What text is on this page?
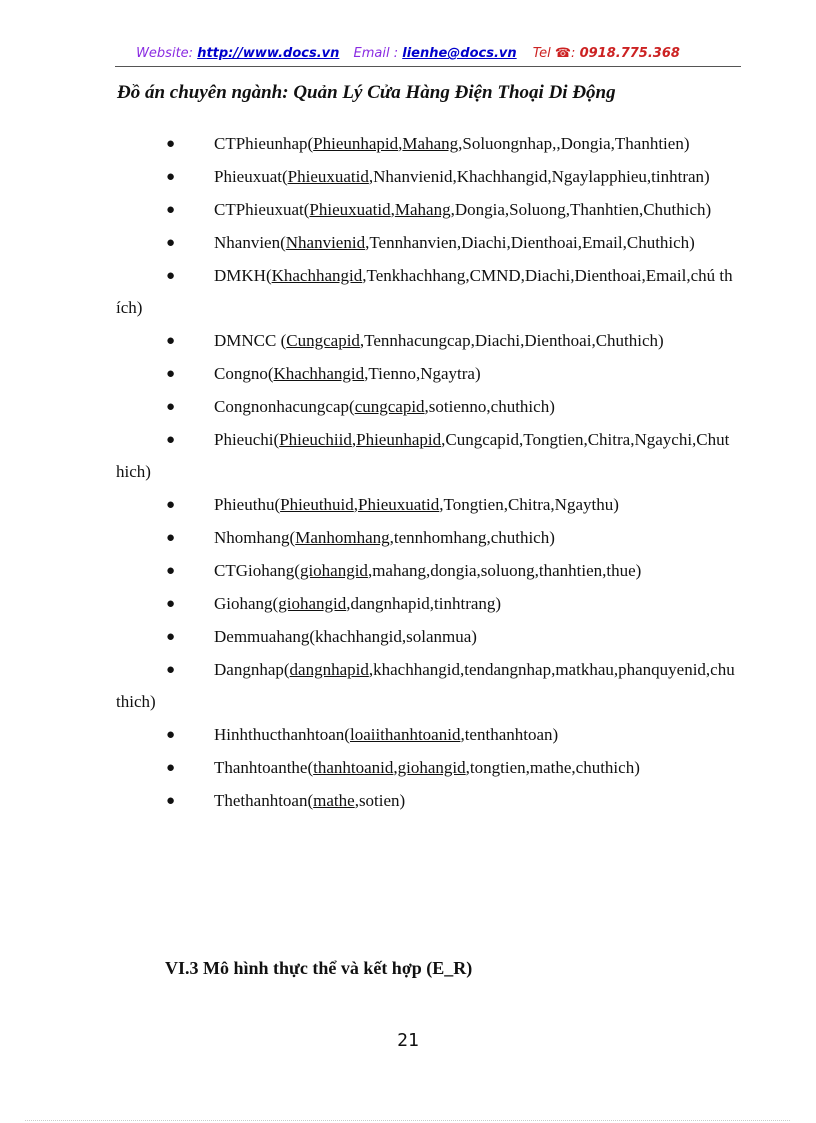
Website: http://www.docs.vn Email : lienhe@docs.vn Tel ☎: 0918.775.368
Đồ án chuyên ngành: Quản Lý Cửa Hàng Điện Thoại Di Động
● CTPhieunhap(Phieunhapid,Mahang,Soluongnhap,,Dongia,Thanhtien)
● Phieuxuat(Phieuxuatid,Nhanvienid,Khachhangid,Ngaylapphieu,tinhtran)
● CTPhieuxuat(Phieuxuatid,Mahang,Dongia,Soluong,Thanhtien,Chuthich)
● Nhanvien(Nhanvienid,Tennhanvien,Diachi,Dienthoai,Email,Chuthich)
● DMKH(Khachhangid,Tenkhachhang,CMND,Diachi,Dienthoai,Email,chú thích)
● DMNCC (Cungcapid,Tennhacungcap,Diachi,Dienthoai,Chuthich)
● Congno(Khachhangid,Tienno,Ngaytra)
● Congnonhacungcap(cungcapid,sotienno,chuthich)
● Phieuchi(Phieuchiid,Phieunhapid,Cungcapid,Tongtien,Chitra,Ngaychi,Chuthich)
● Phieuthu(Phieuthuid,Phieuxuatid,Tongtien,Chitra,Ngaythu)
● Nhomhang(Manhomhang,tennhomhang,chuthich)
● CTGiohang(giohangid,mahang,dongia,soluong,thanhtien,thue)
● Giohang(giohangid,dangnhapid,tinhtrang)
● Demmuahang(khachhangid,solanmua)
● Dangnhap(dangnhapid,khachhangid,tendangnhap,matkhau,phanquyenid,chuthich)
● Hinhthucthanhtoan(loaiithanhtoanid,tenthanhtoan)
● Thanhtoanthe(thanhtoanid,giohangid,tongtien,mathe,chuthich)
● Thethanhtoan(mathe,sotien)
VI.3 Mô hình thực thể và kết hợp (E_R)
21
